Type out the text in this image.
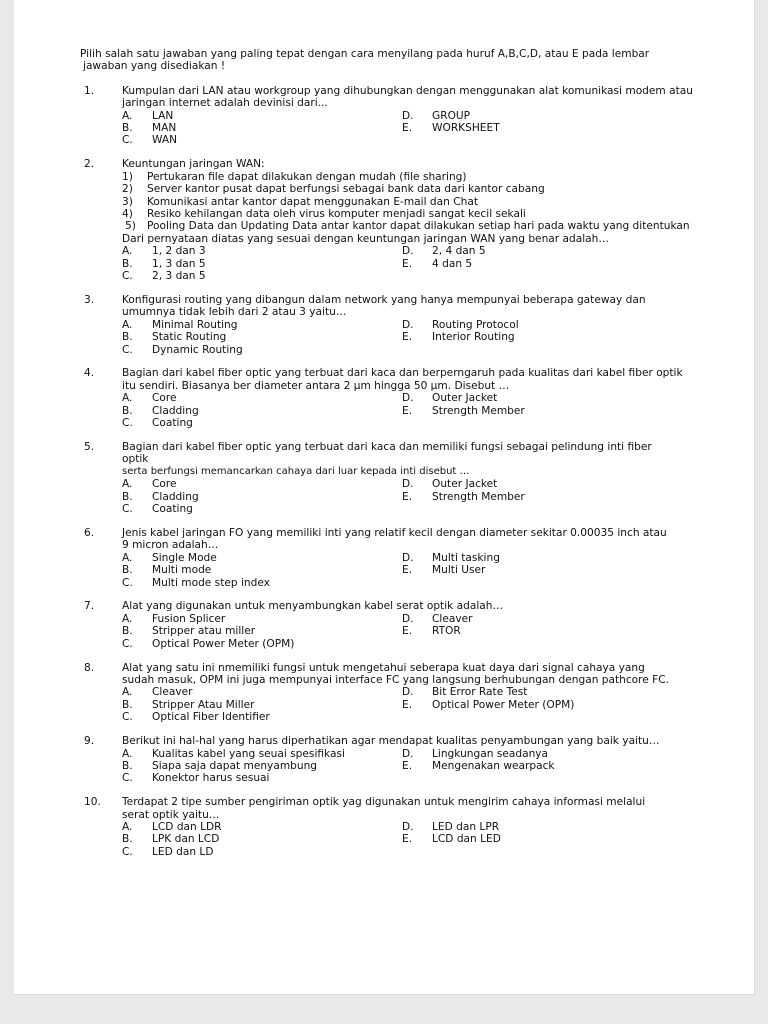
Pilih salah satu jawaban yang paling tepat dengan cara menyilang pada huruf A,B,C,D, atau E pada lembar
jawaban yang disediakan !
1.	Kumpulan dari LAN atau workgroup yang dihubungkan dengan menggunakan alat komunikasi modem atau
jaringan internet adalah devinisi dari...
A.	LAN	D.	GROUP
B.	MAN	E.	WORKSHEET
C.	WAN
2.	Keuntungan jaringan WAN:
1)	Pertukaran file dapat dilakukan dengan mudah (file sharing)
2)	Server kantor pusat dapat berfungsi sebagai bank data dari kantor cabang
3)	Komunikasi antar kantor dapat menggunakan E-mail dan Chat
4)	Resiko kehilangan data oleh virus komputer menjadi sangat kecil sekali
5)	Pooling Data dan Updating Data antar kantor dapat dilakukan setiap hari pada waktu yang ditentukan
Dari pernyataan diatas yang sesuai dengan keuntungan jaringan WAN yang benar adalah…
A.	1, 2 dan 3	D.	2, 4 dan 5
B.	1, 3 dan 5	E.	4 dan 5
C.	2, 3 dan 5
3.	Konfigurasi routing yang dibangun dalam network yang hanya mempunyai beberapa gateway dan
umumnya tidak lebih dari 2 atau 3 yaitu…
A.	Minimal Routing	D.	Routing Protocol
B.	Static Routing	E.	Interior Routing
C.	Dynamic Routing
4.	Bagian dari kabel fiber optic yang terbuat dari kaca dan berperngaruh pada kualitas dari kabel fiber optik
itu sendiri. Biasanya ber diameter antara 2 µm hingga 50 µm. Disebut …
A.	Core	D.	Outer Jacket
B.	Cladding	E.	Strength Member
C.	Coating
5.	Bagian dari kabel fiber optic yang terbuat dari kaca dan memiliki fungsi sebagai pelindung inti fiber
optik
serta berfungsi memancarkan cahaya dari luar kepada inti disebut …
A.	Core	D.	Outer Jacket
B.	Cladding	E.	Strength Member
C.	Coating
6.	Jenis kabel jaringan FO yang memiliki inti yang relatif kecil dengan diameter sekitar 0.00035 inch atau
9 micron adalah…
A.	Single Mode	D.	Multi tasking
B.	Multi mode	E.	Multi User
C.	Multi mode step index
7.	Alat yang digunakan untuk menyambungkan kabel serat optik adalah…
A.	Fusion Splicer	D.	Cleaver
B.	Stripper atau miller	E.	RTOR
C.	Optical Power Meter (OPM)
8.	Alat yang satu ini nmemiliki fungsi untuk mengetahui seberapa kuat daya dari signal cahaya yang
sudah masuk, OPM ini juga mempunyai interface FC yang langsung berhubungan dengan pathcore FC.
A.	Cleaver	D.	Bit Error Rate Test
B.	Stripper Atau Miller	E.	Optical Power Meter (OPM)
C.	Optical Fiber Identifier
9.	Berikut ini hal-hal yang harus diperhatikan agar mendapat kualitas penyambungan yang baik yaitu…
A.	Kualitas kabel yang seuai spesifikasi	D.	Lingkungan seadanya
B.	Siapa saja dapat menyambung	E.	Mengenakan wearpack
C.	Konektor harus sesuai
10.	Terdapat 2 tipe sumber pengiriman optik yag digunakan untuk mengirim cahaya informasi melalui
serat optik yaitu…
A.	LCD dan LDR	D.	LED dan LPR
B.	LPK dan LCD	E.	LCD dan LED
C.	LED dan LD
